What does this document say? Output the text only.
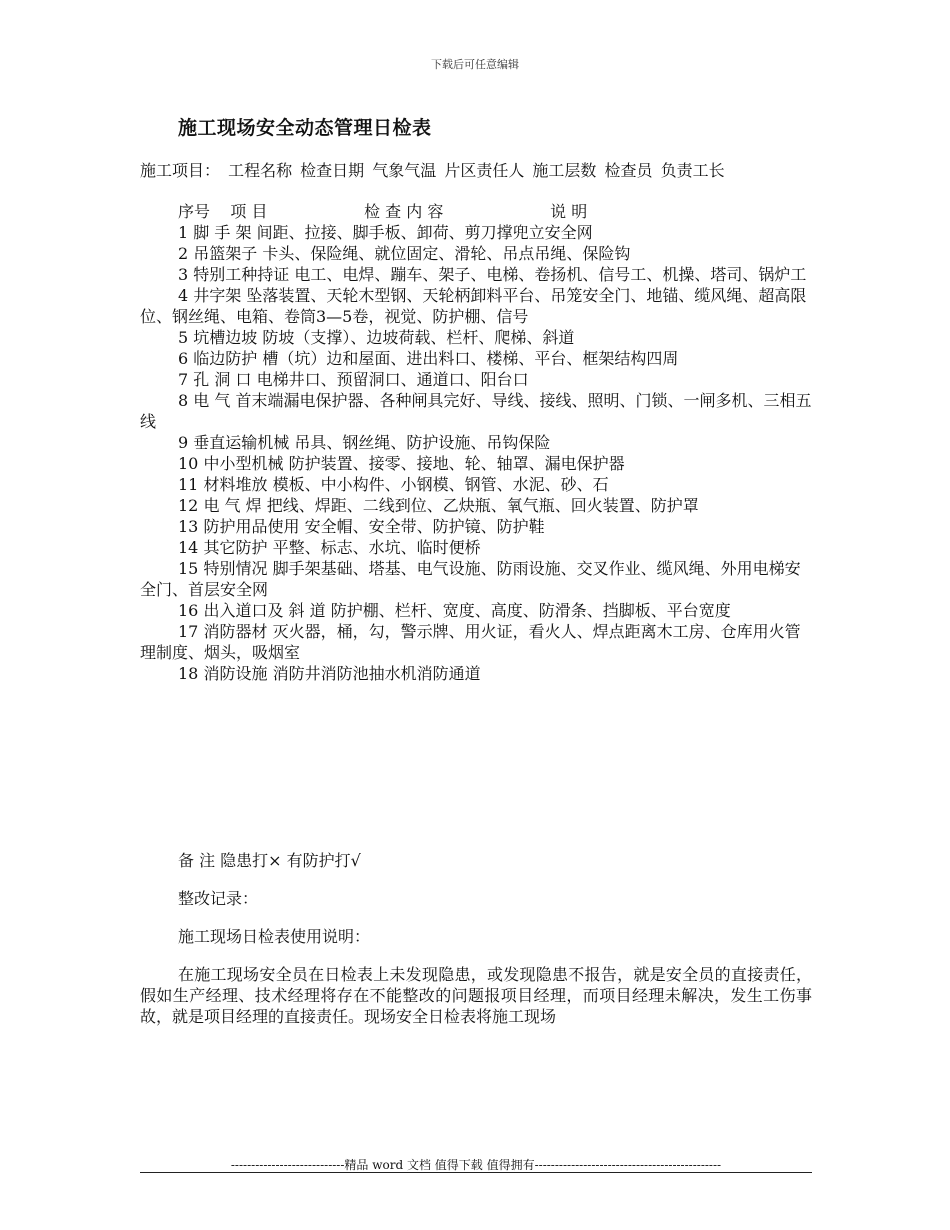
下载后可任意编辑
施工现场安全动态管理日检表

施工项目： 工程名称 检查日期 气象气温 片区责任人 施工层数 检查员 负责工长

序号 项 目	检 查 内 容	说 明

1 脚 手 架 间距、拉接、脚手板、卸荷、剪刀撑兜立安全网

2 吊篮架子 卡头、保险绳、就位固定、滑轮、吊点吊绳、保险钩

3 特别工种持证 电工、电焊、蹦车、架子、电梯、卷扬机、信号工、机操、塔司、锅炉工

4 井字架 坠落装置、天轮木型钢、天轮柄卸料平台、吊笼安全门、地锚、缆风绳、超高限位、钢丝绳、电箱、卷筒3—5卷，视觉、防护棚、信号

5 坑槽边坡 防坡（支撑）、边坡荷载、栏杆、爬梯、斜道

6 临边防护 槽（坑）边和屋面、进出料口、楼梯、平台、框架结构四周

7 孔 洞 口 电梯井口、预留洞口、通道口、阳台口

8 电 气 首末端漏电保护器、各种闸具完好、导线、接线、照明、门锁、一闸多机、三相五线

9 垂直运输机械 吊具、钢丝绳、防护设施、吊钩保险

10 中小型机械 防护装置、接零、接地、轮、轴罩、漏电保护器

11 材料堆放 模板、中小构件、小钢模、钢管、水泥、砂、石

12 电 气 焊 把线、焊距、二线到位、乙炔瓶、氧气瓶、回火装置、防护罩

13 防护用品使用 安全帽、安全带、防护镜、防护鞋

14 其它防护 平整、标志、水坑、临时便桥

15 特别情况 脚手架基础、塔基、电气设施、防雨设施、交叉作业、缆风绳、外用电梯安全门、首层安全网

16 出入道口及 斜 道 防护棚、栏杆、宽度、高度、防滑条、挡脚板、平台宽度

17 消防器材 灭火器，桶，勾，警示牌、用火证，看火人、焊点距离木工房、仓库用火管理制度、烟头，吸烟室

18 消防设施 消防井消防池抽水机消防通道

备 注 隐患打× 有防护打√

整改记录：

施工现场日检表使用说明：

在施工现场安全员在日检表上未发现隐患，或发现隐患不报告，就是安全员的直接责任，假如生产经理、技术经理将存在不能整改的问题报项目经理，而项目经理未解决，发生工伤事故，就是项目经理的直接责任。现场安全日检表将施工现场

----------------------------精品 word 文档 值得下载 值得拥有----------------------------------------------
